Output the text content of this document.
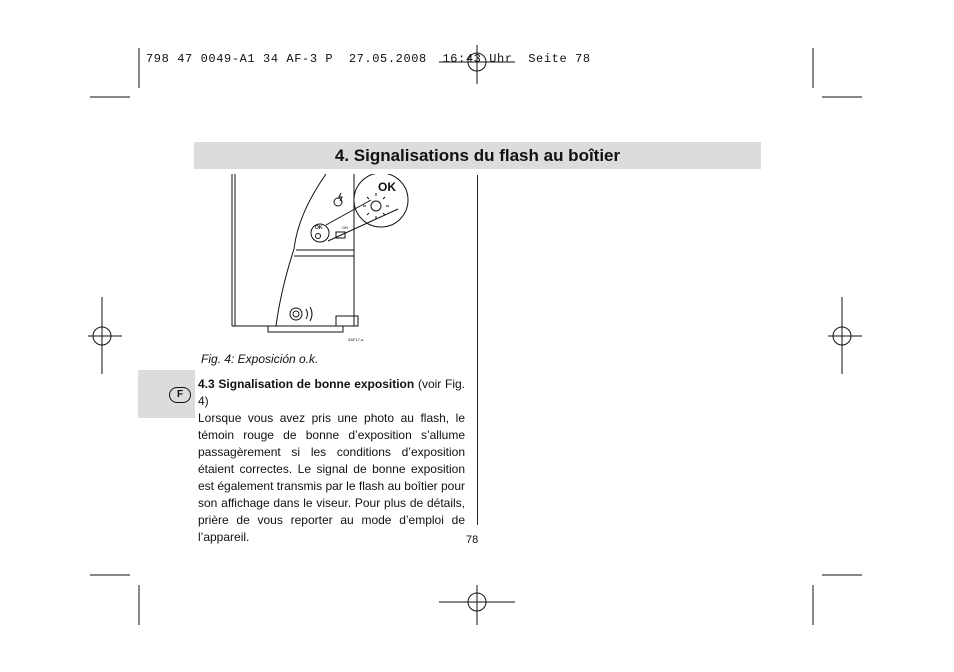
798 47 0049-A1 34 AF-3 P  27.05.2008  16:43 Uhr  Seite 78
4. Signalisations du flash au boîtier
F
OK
OK	ON
3AF17-a
Fig. 4: Exposición o.k.
4.3 Signalisation de bonne exposition (voir Fig. 4)
Lorsque vous avez pris une photo au flash, le témoin rouge de bonne d’exposition s’allume passagèrement si les conditions d’exposition étaient correctes. Le signal de bonne exposition est également transmis par le flash au boîtier pour son affichage dans le viseur. Pour plus de détails, prière de vous reporter au mode d’emploi de l’appareil.	78
